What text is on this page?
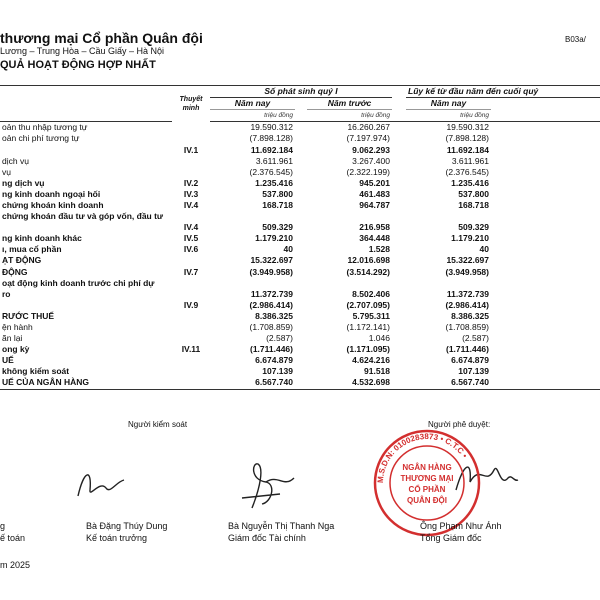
thương mại Cổ phần Quân đội
Lương – Trung Hòa – Cầu Giấy – Hà Nội
QUẢ HOẠT ĐỘNG HỢP NHẤT
B03a/
	Thuyết minh	Số phát sinh quý I				Lũy kế từ đầu năm đến cuối quý	
		Năm nay		Năm trước		Năm nay	
		triệu đồng		triệu đồng		triệu đồng	
oản thu nhập tương tự		19.590.312		16.260.267		19.590.312	
oản chi phí tương tự		(7.898.128)		(7.197.974)		(7.898.128)	
	IV.1	11.692.184		9.062.293		11.692.184	
dịch vụ		3.611.961		3.267.400		3.611.961	
vụ		(2.376.545)		(2.322.199)		(2.376.545)	
ng dịch vụ	IV.2	1.235.416		945.201		1.235.416	
ng kinh doanh ngoại hối	IV.3	537.800		461.483		537.800	
chứng khoán kinh doanh	IV.4	168.718		964.787		168.718	
chứng khoán đầu tư và góp vốn, đầu tư							
	IV.4	509.329		216.958		509.329	
ng kinh doanh khác	IV.5	1.179.210		364.448		1.179.210	
ı, mua cổ phần	IV.6	40		1.528		40	
ẠT ĐỘNG		15.322.697		12.016.698		15.322.697	
ĐỘNG	IV.7	(3.949.958)		(3.514.292)		(3.949.958)	
oạt động kinh doanh trước chi phí dự							
ro		11.372.739		8.502.406		11.372.739	
	IV.9	(2.986.414)		(2.707.095)		(2.986.414)	
RƯỚC THUẾ		8.386.325		5.795.311		8.386.325	
ện hành		(1.708.859)		(1.172.141)		(1.708.859)	
ãn lại		(2.587)		1.046		(2.587)	
ong kỳ	IV.11	(1.711.446)		(1.171.095)		(1.711.446)	
UẾ		6.674.879		4.624.216		6.674.879	
không kiểm soát		107.139		91.518		107.139	
UẾ CỦA NGÂN HÀNG		6.567.740		4.532.698		6.567.740	
Người kiểm soát	Người phê duyệt:
M.S.D.N: 0100283873 • C.T.C •
NGÂN HÀNG
THƯƠNG MẠI
CỔ PHẦN
QUÂN ĐỘI
g
ế toán
Bà Đặng Thúy Dung
Kế toán trưởng
Bà Nguyễn Thị Thanh Nga
Giám đốc Tài chính
Ông Phạm Như Ánh
Tổng Giám đốc
m 2025
